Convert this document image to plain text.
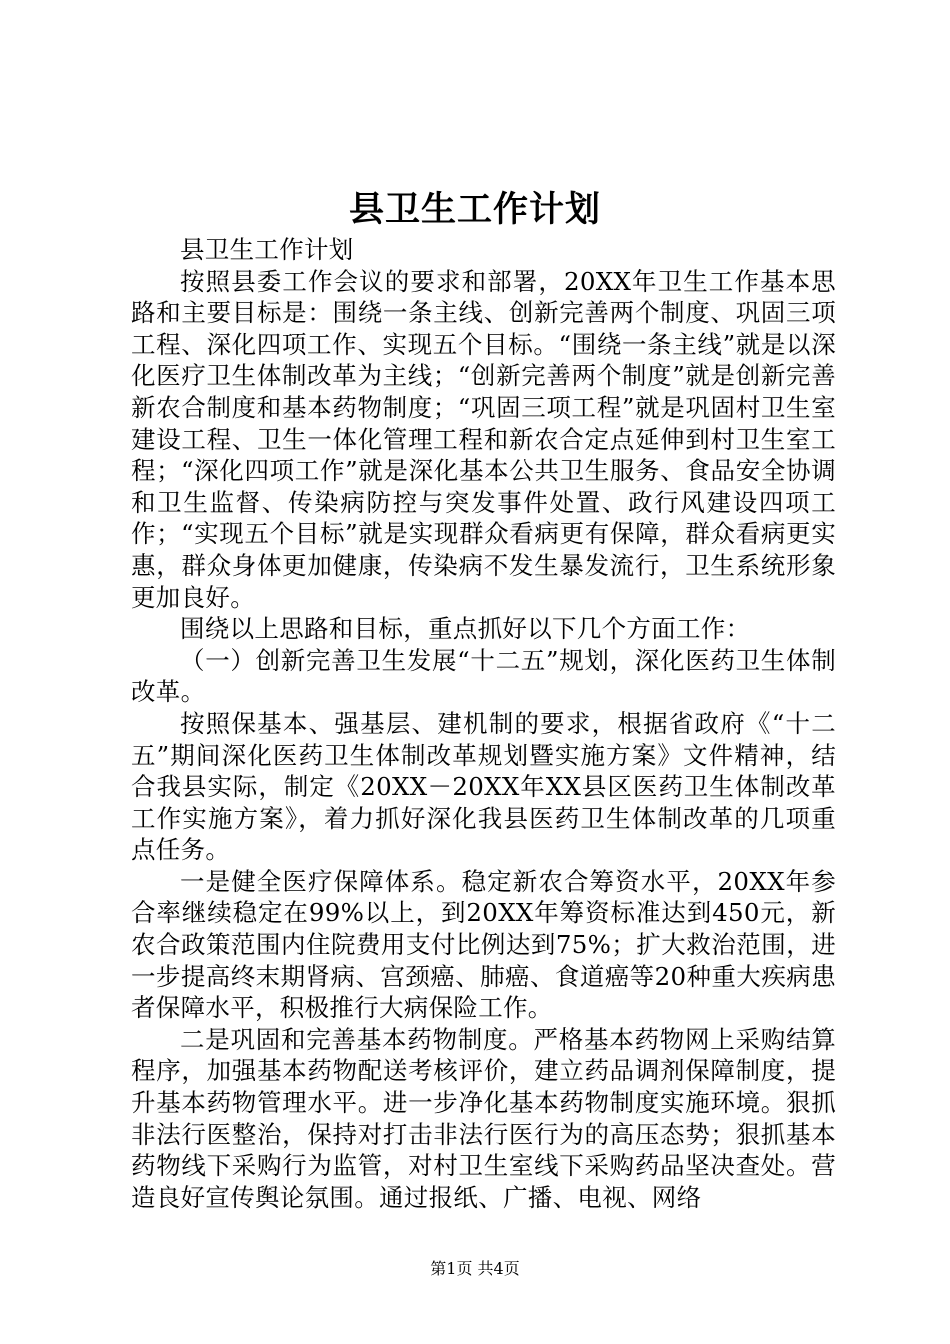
县卫生工作计划

县卫生工作计划

按照县委工作会议的要求和部署，20XX年卫生工作基本思路和主要目标是：围绕一条主线、创新完善两个制度、巩固三项工程、深化四项工作、实现五个目标。“围绕一条主线”就是以深化医疗卫生体制改革为主线；“创新完善两个制度”就是创新完善新农合制度和基本药物制度；“巩固三项工程”就是巩固村卫生室建设工程、卫生一体化管理工程和新农合定点延伸到村卫生室工程；“深化四项工作”就是深化基本公共卫生服务、食品安全协调和卫生监督、传染病防控与突发事件处置、政行风建设四项工作；“实现五个目标”就是实现群众看病更有保障，群众看病更实惠，群众身体更加健康，传染病不发生暴发流行，卫生系统形象更加良好。

围绕以上思路和目标，重点抓好以下几个方面工作：

（一）创新完善卫生发展“十二五”规划，深化医药卫生体制改革。

按照保基本、强基层、建机制的要求，根据省政府《“十二五”期间深化医药卫生体制改革规划暨实施方案》文件精神，结合我县实际，制定《20XX－20XX年XX县区医药卫生体制改革工作实施方案》，着力抓好深化我县医药卫生体制改革的几项重点任务。

一是健全医疗保障体系。稳定新农合筹资水平，20XX年参合率继续稳定在99%以上，到20XX年筹资标准达到450元，新农合政策范围内住院费用支付比例达到75%；扩大救治范围，进一步提高终末期肾病、宫颈癌、肺癌、食道癌等20种重大疾病患者保障水平，积极推行大病保险工作。

二是巩固和完善基本药物制度。严格基本药物网上采购结算程序，加强基本药物配送考核评价，建立药品调剂保障制度，提升基本药物管理水平。进一步净化基本药物制度实施环境。狠抓非法行医整治，保持对打击非法行医行为的高压态势；狠抓基本药物线下采购行为监管，对村卫生室线下采购药品坚决查处。营造良好宣传舆论氛围。通过报纸、广播、电视、网络

第1页 共4页
